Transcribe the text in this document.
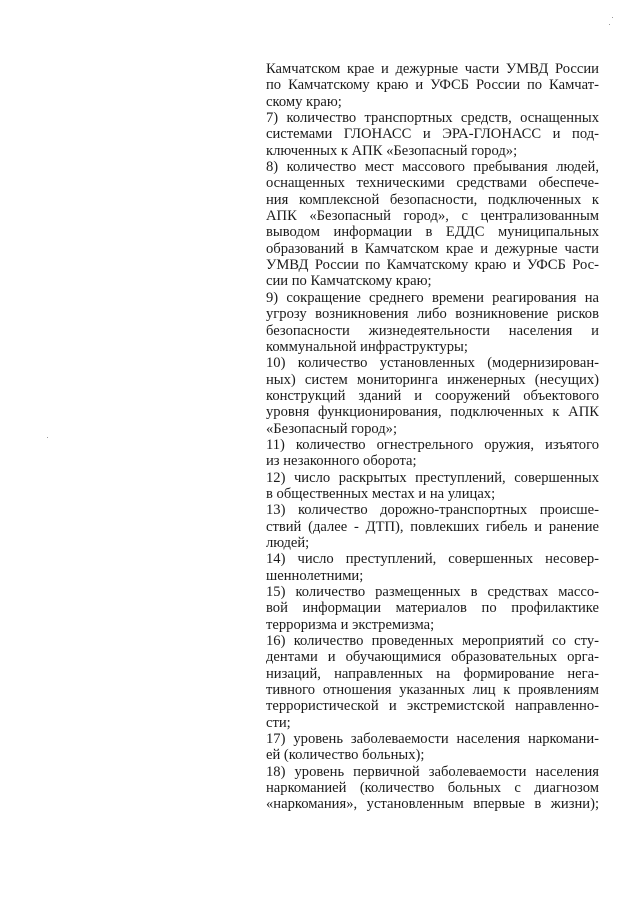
Камчатском крае и дежурные части УМВД России
по Камчатскому краю и УФСБ России по Камчат-
скому краю;
7) количество транспортных средств, оснащенных
системами ГЛОНАСС и ЭРА-ГЛОНАСС и под-
ключенных к АПК «Безопасный город»;
8) количество мест массового пребывания людей,
оснащенных техническими средствами обеспече-
ния комплексной безопасности, подключенных к
АПК «Безопасный город», с централизованным
выводом информации в ЕДДС муниципальных
образований в Камчатском крае и дежурные части
УМВД России по Камчатскому краю и УФСБ Рос-
сии по Камчатскому краю;
9) сокращение среднего времени реагирования на
угрозу возникновения либо возникновение рисков
безопасности жизнедеятельности населения и
коммунальной инфраструктуры;
10) количество установленных (модернизирован-
ных) систем мониторинга инженерных (несущих)
конструкций зданий и сооружений объектового
уровня функционирования, подключенных к АПК
«Безопасный город»;
11) количество огнестрельного оружия, изъятого
из незаконного оборота;
12) число раскрытых преступлений, совершенных
в общественных местах и на улицах;
13) количество дорожно-транспортных происше-
ствий (далее - ДТП), повлекших гибель и ранение
людей;
14) число преступлений, совершенных несовер-
шеннолетними;
15) количество размещенных в средствах массо-
вой информации материалов по профилактике
терроризма и экстремизма;
16) количество проведенных мероприятий со сту-
дентами и обучающимися образовательных орга-
низаций, направленных на формирование нега-
тивного отношения указанных лиц к проявлениям
террористической и экстремистской направленно-
сти;
17) уровень заболеваемости населения наркомани-
ей (количество больных);
18) уровень первичной заболеваемости населения
наркоманией (количество больных с диагнозом
«наркомания», установленным впервые в жизни);
